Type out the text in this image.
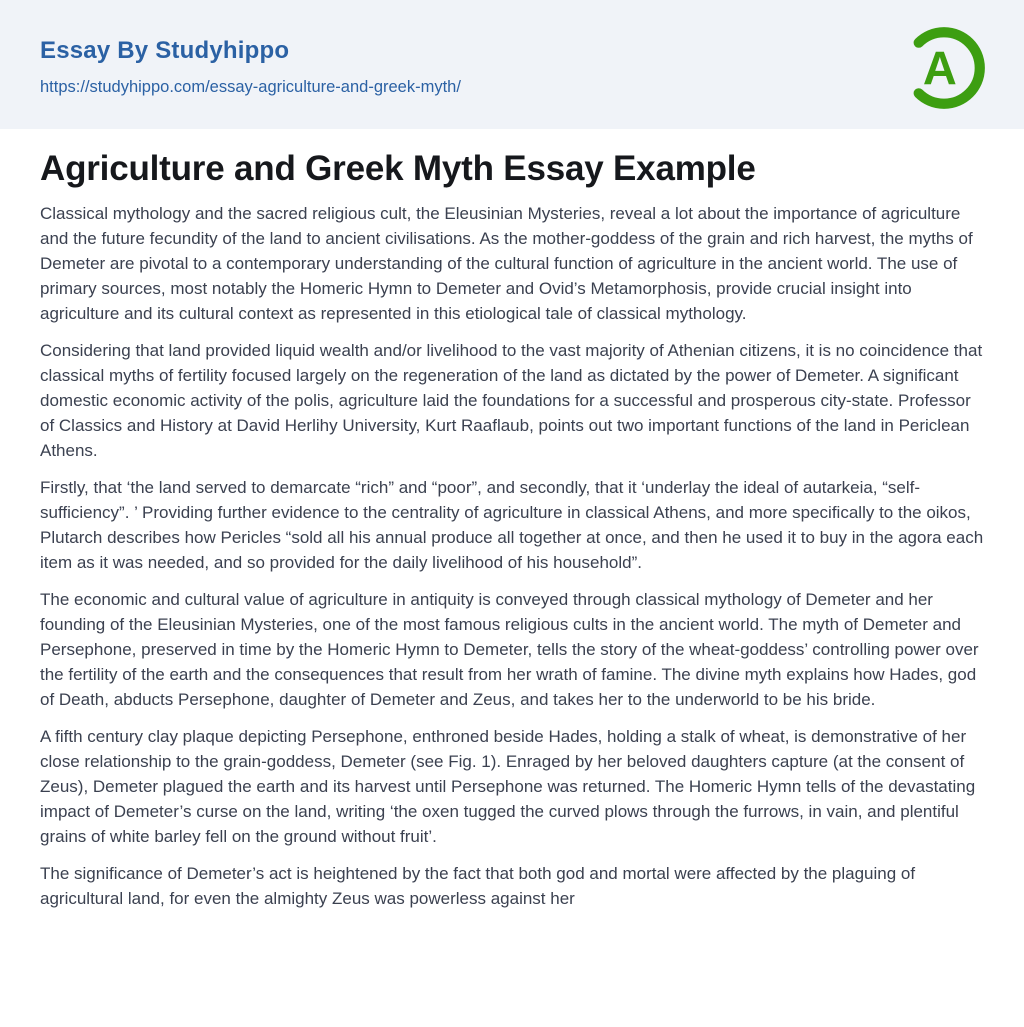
Essay By Studyhippo
https://studyhippo.com/essay-agriculture-and-greek-myth/	A
Agriculture and Greek Myth Essay Example

Classical mythology and the sacred religious cult, the Eleusinian Mysteries, reveal a lot about the importance of agriculture and the future fecundity of the land to ancient civilisations. As the mother-goddess of the grain and rich harvest, the myths of Demeter are pivotal to a contemporary understanding of the cultural function of agriculture in the ancient world. The use of primary sources, most notably the Homeric Hymn to Demeter and Ovid’s Metamorphosis, provide crucial insight into agriculture and its cultural context as represented in this etiological tale of classical mythology.

Considering that land provided liquid wealth and/or livelihood to the vast majority of Athenian citizens, it is no coincidence that classical myths of fertility focused largely on the regeneration of the land as dictated by the power of Demeter. A significant domestic economic activity of the polis, agriculture laid the foundations for a successful and prosperous city-state. Professor of Classics and History at David Herlihy University, Kurt Raaflaub, points out two important functions of the land in Periclean Athens.

Firstly, that ‘the land served to demarcate “rich” and “poor”, and secondly, that it ‘underlay the ideal of autarkeia, “self-sufficiency”. ’ Providing further evidence to the centrality of agriculture in classical Athens, and more specifically to the oikos, Plutarch describes how Pericles “sold all his annual produce all together at once, and then he used it to buy in the agora each item as it was needed, and so provided for the daily livelihood of his household”.

The economic and cultural value of agriculture in antiquity is conveyed through classical mythology of Demeter and her founding of the Eleusinian Mysteries, one of the most famous religious cults in the ancient world. The myth of Demeter and Persephone, preserved in time by the Homeric Hymn to Demeter, tells the story of the wheat-goddess’ controlling power over the fertility of the earth and the consequences that result from her wrath of famine. The divine myth explains how Hades, god of Death, abducts Persephone, daughter of Demeter and Zeus, and takes her to the underworld to be his bride.

A fifth century clay plaque depicting Persephone, enthroned beside Hades, holding a stalk of wheat, is demonstrative of her close relationship to the grain-goddess, Demeter (see Fig. 1). Enraged by her beloved daughters capture (at the consent of Zeus), Demeter plagued the earth and its harvest until Persephone was returned. The Homeric Hymn tells of the devastating impact of Demeter’s curse on the land, writing ‘the oxen tugged the curved plows through the furrows, in vain, and plentiful grains of white barley fell on the ground without fruit’.

The significance of Demeter’s act is heightened by the fact that both god and mortal were affected by the plaguing of agricultural land, for even the almighty Zeus was powerless against her
